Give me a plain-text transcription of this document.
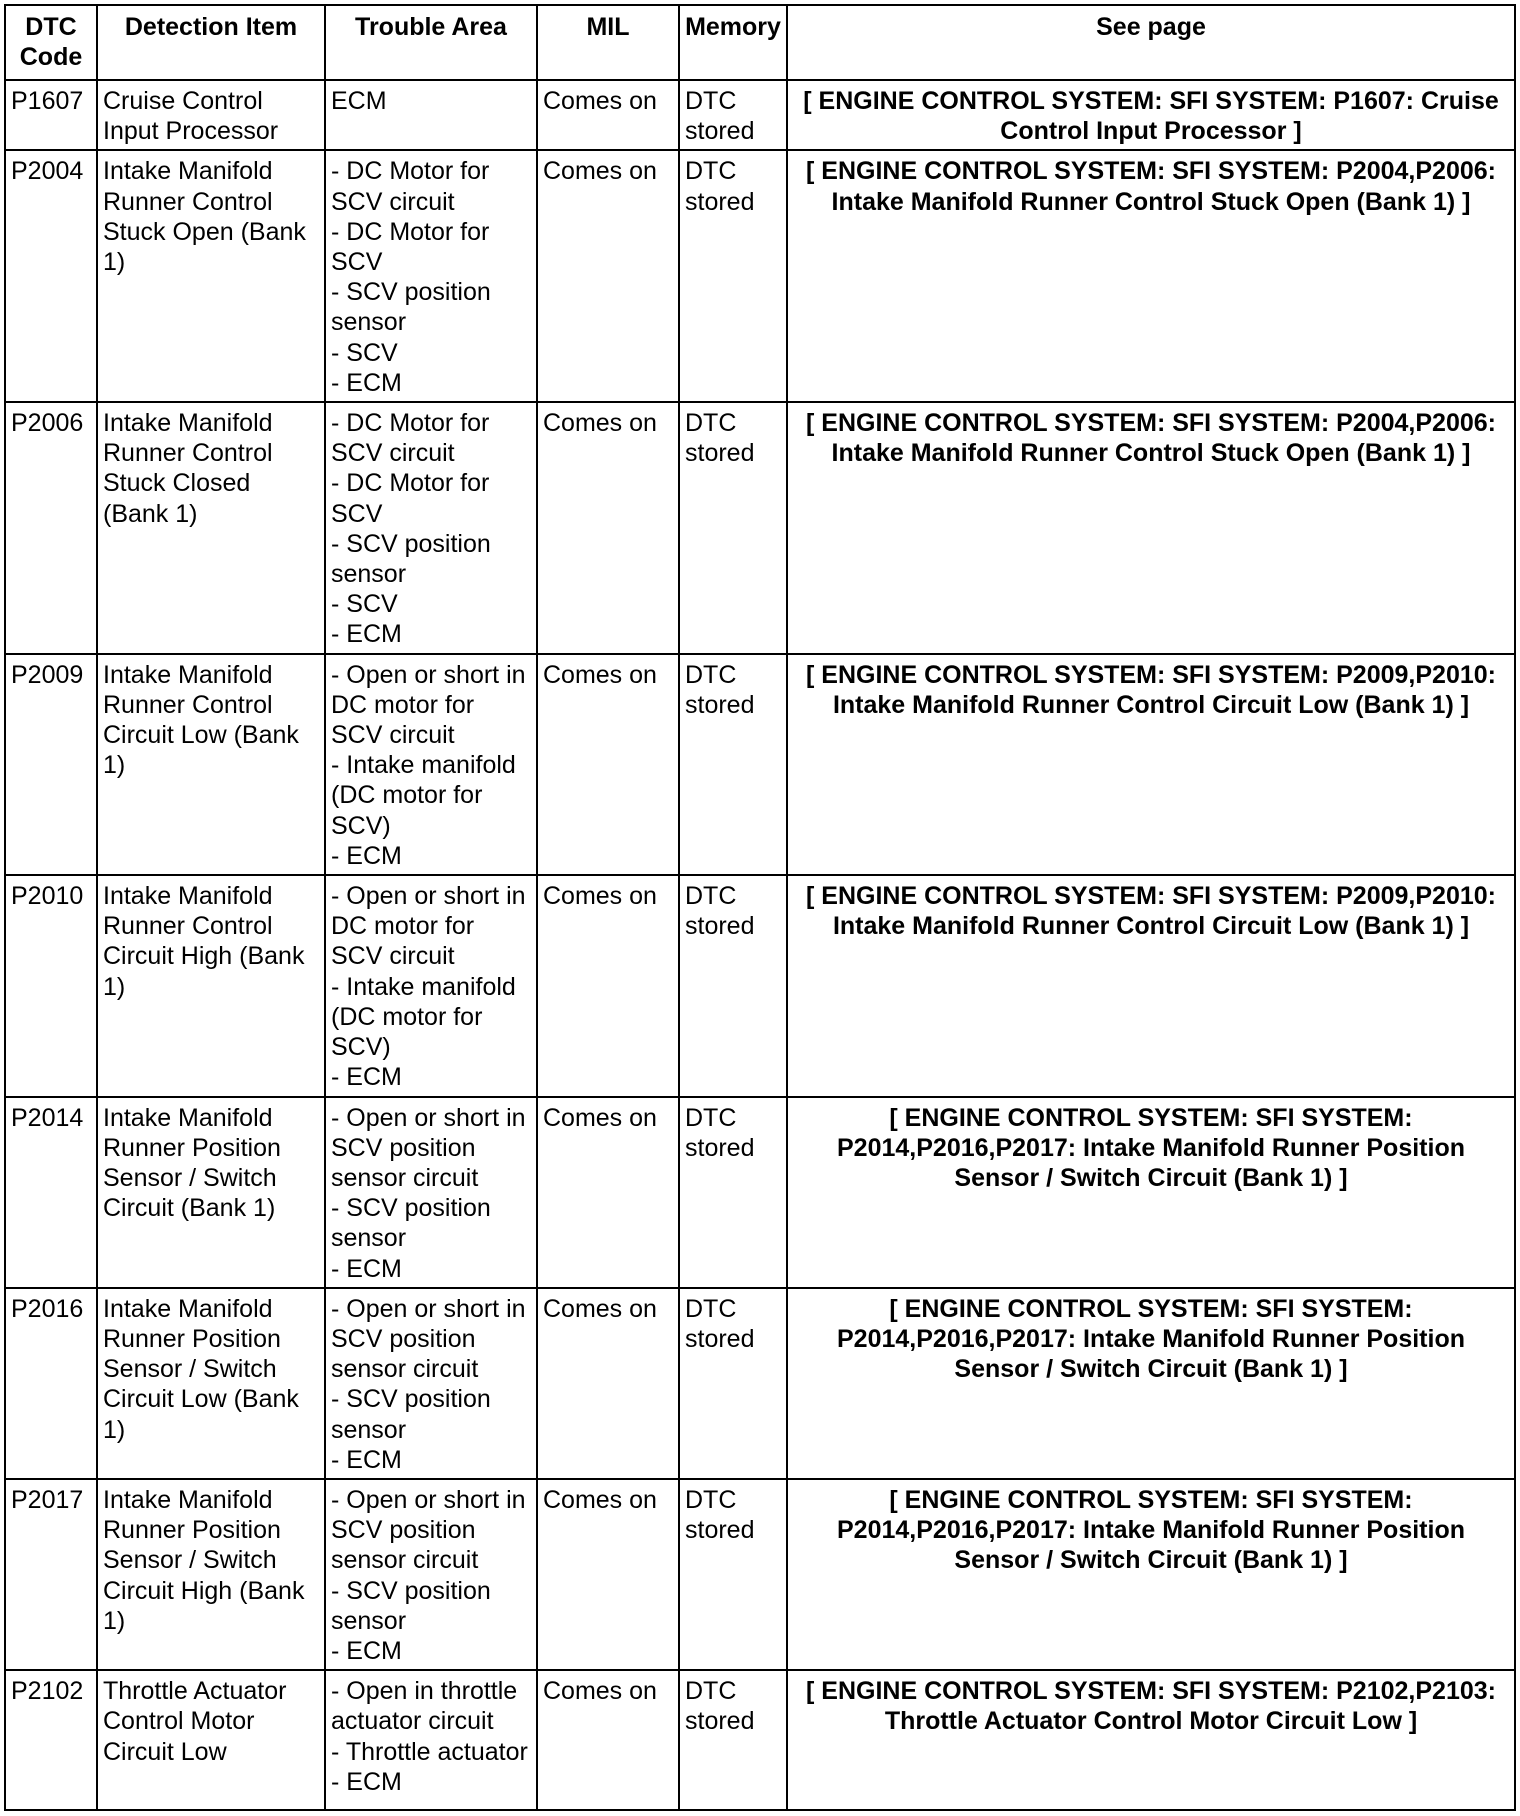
DTC Code	Detection Item	Trouble Area	MIL	Memory	See page
P1607	Cruise Control Input Processor	ECM	Comes on	DTC stored	[ ENGINE CONTROL SYSTEM: SFI SYSTEM: P1607: Cruise Control Input Processor ]
P2004	Intake Manifold Runner Control Stuck Open (Bank 1)	- DC Motor for SCV circuit
- DC Motor for SCV
- SCV position sensor
- SCV
- ECM	Comes on	DTC stored	[ ENGINE CONTROL SYSTEM: SFI SYSTEM: P2004,P2006: Intake Manifold Runner Control Stuck Open (Bank 1) ]
P2006	Intake Manifold Runner Control Stuck Closed (Bank 1)	- DC Motor for SCV circuit
- DC Motor for SCV
- SCV position sensor
- SCV
- ECM	Comes on	DTC stored	[ ENGINE CONTROL SYSTEM: SFI SYSTEM: P2004,P2006: Intake Manifold Runner Control Stuck Open (Bank 1) ]
P2009	Intake Manifold Runner Control Circuit Low (Bank 1)	- Open or short in DC motor for SCV circuit
- Intake manifold (DC motor for SCV)
- ECM	Comes on	DTC stored	[ ENGINE CONTROL SYSTEM: SFI SYSTEM: P2009,P2010: Intake Manifold Runner Control Circuit Low (Bank 1) ]
P2010	Intake Manifold Runner Control Circuit High (Bank 1)	- Open or short in DC motor for SCV circuit
- Intake manifold (DC motor for SCV)
- ECM	Comes on	DTC stored	[ ENGINE CONTROL SYSTEM: SFI SYSTEM: P2009,P2010: Intake Manifold Runner Control Circuit Low (Bank 1) ]
P2014	Intake Manifold Runner Position Sensor / Switch Circuit (Bank 1)	- Open or short in SCV position sensor circuit
- SCV position sensor
- ECM	Comes on	DTC stored	[ ENGINE CONTROL SYSTEM: SFI SYSTEM: P2014,P2016,P2017: Intake Manifold Runner Position Sensor / Switch Circuit (Bank 1) ]
P2016	Intake Manifold Runner Position Sensor / Switch Circuit Low (Bank 1)	- Open or short in SCV position sensor circuit
- SCV position sensor
- ECM	Comes on	DTC stored	[ ENGINE CONTROL SYSTEM: SFI SYSTEM: P2014,P2016,P2017: Intake Manifold Runner Position Sensor / Switch Circuit (Bank 1) ]
P2017	Intake Manifold Runner Position Sensor / Switch Circuit High (Bank 1)	- Open or short in SCV position sensor circuit
- SCV position sensor
- ECM	Comes on	DTC stored	[ ENGINE CONTROL SYSTEM: SFI SYSTEM: P2014,P2016,P2017: Intake Manifold Runner Position Sensor / Switch Circuit (Bank 1) ]
P2102	Throttle Actuator Control Motor Circuit Low	- Open in throttle actuator circuit
- Throttle actuator
- ECM	Comes on	DTC stored	[ ENGINE CONTROL SYSTEM: SFI SYSTEM: P2102,P2103: Throttle Actuator Control Motor Circuit Low ]
